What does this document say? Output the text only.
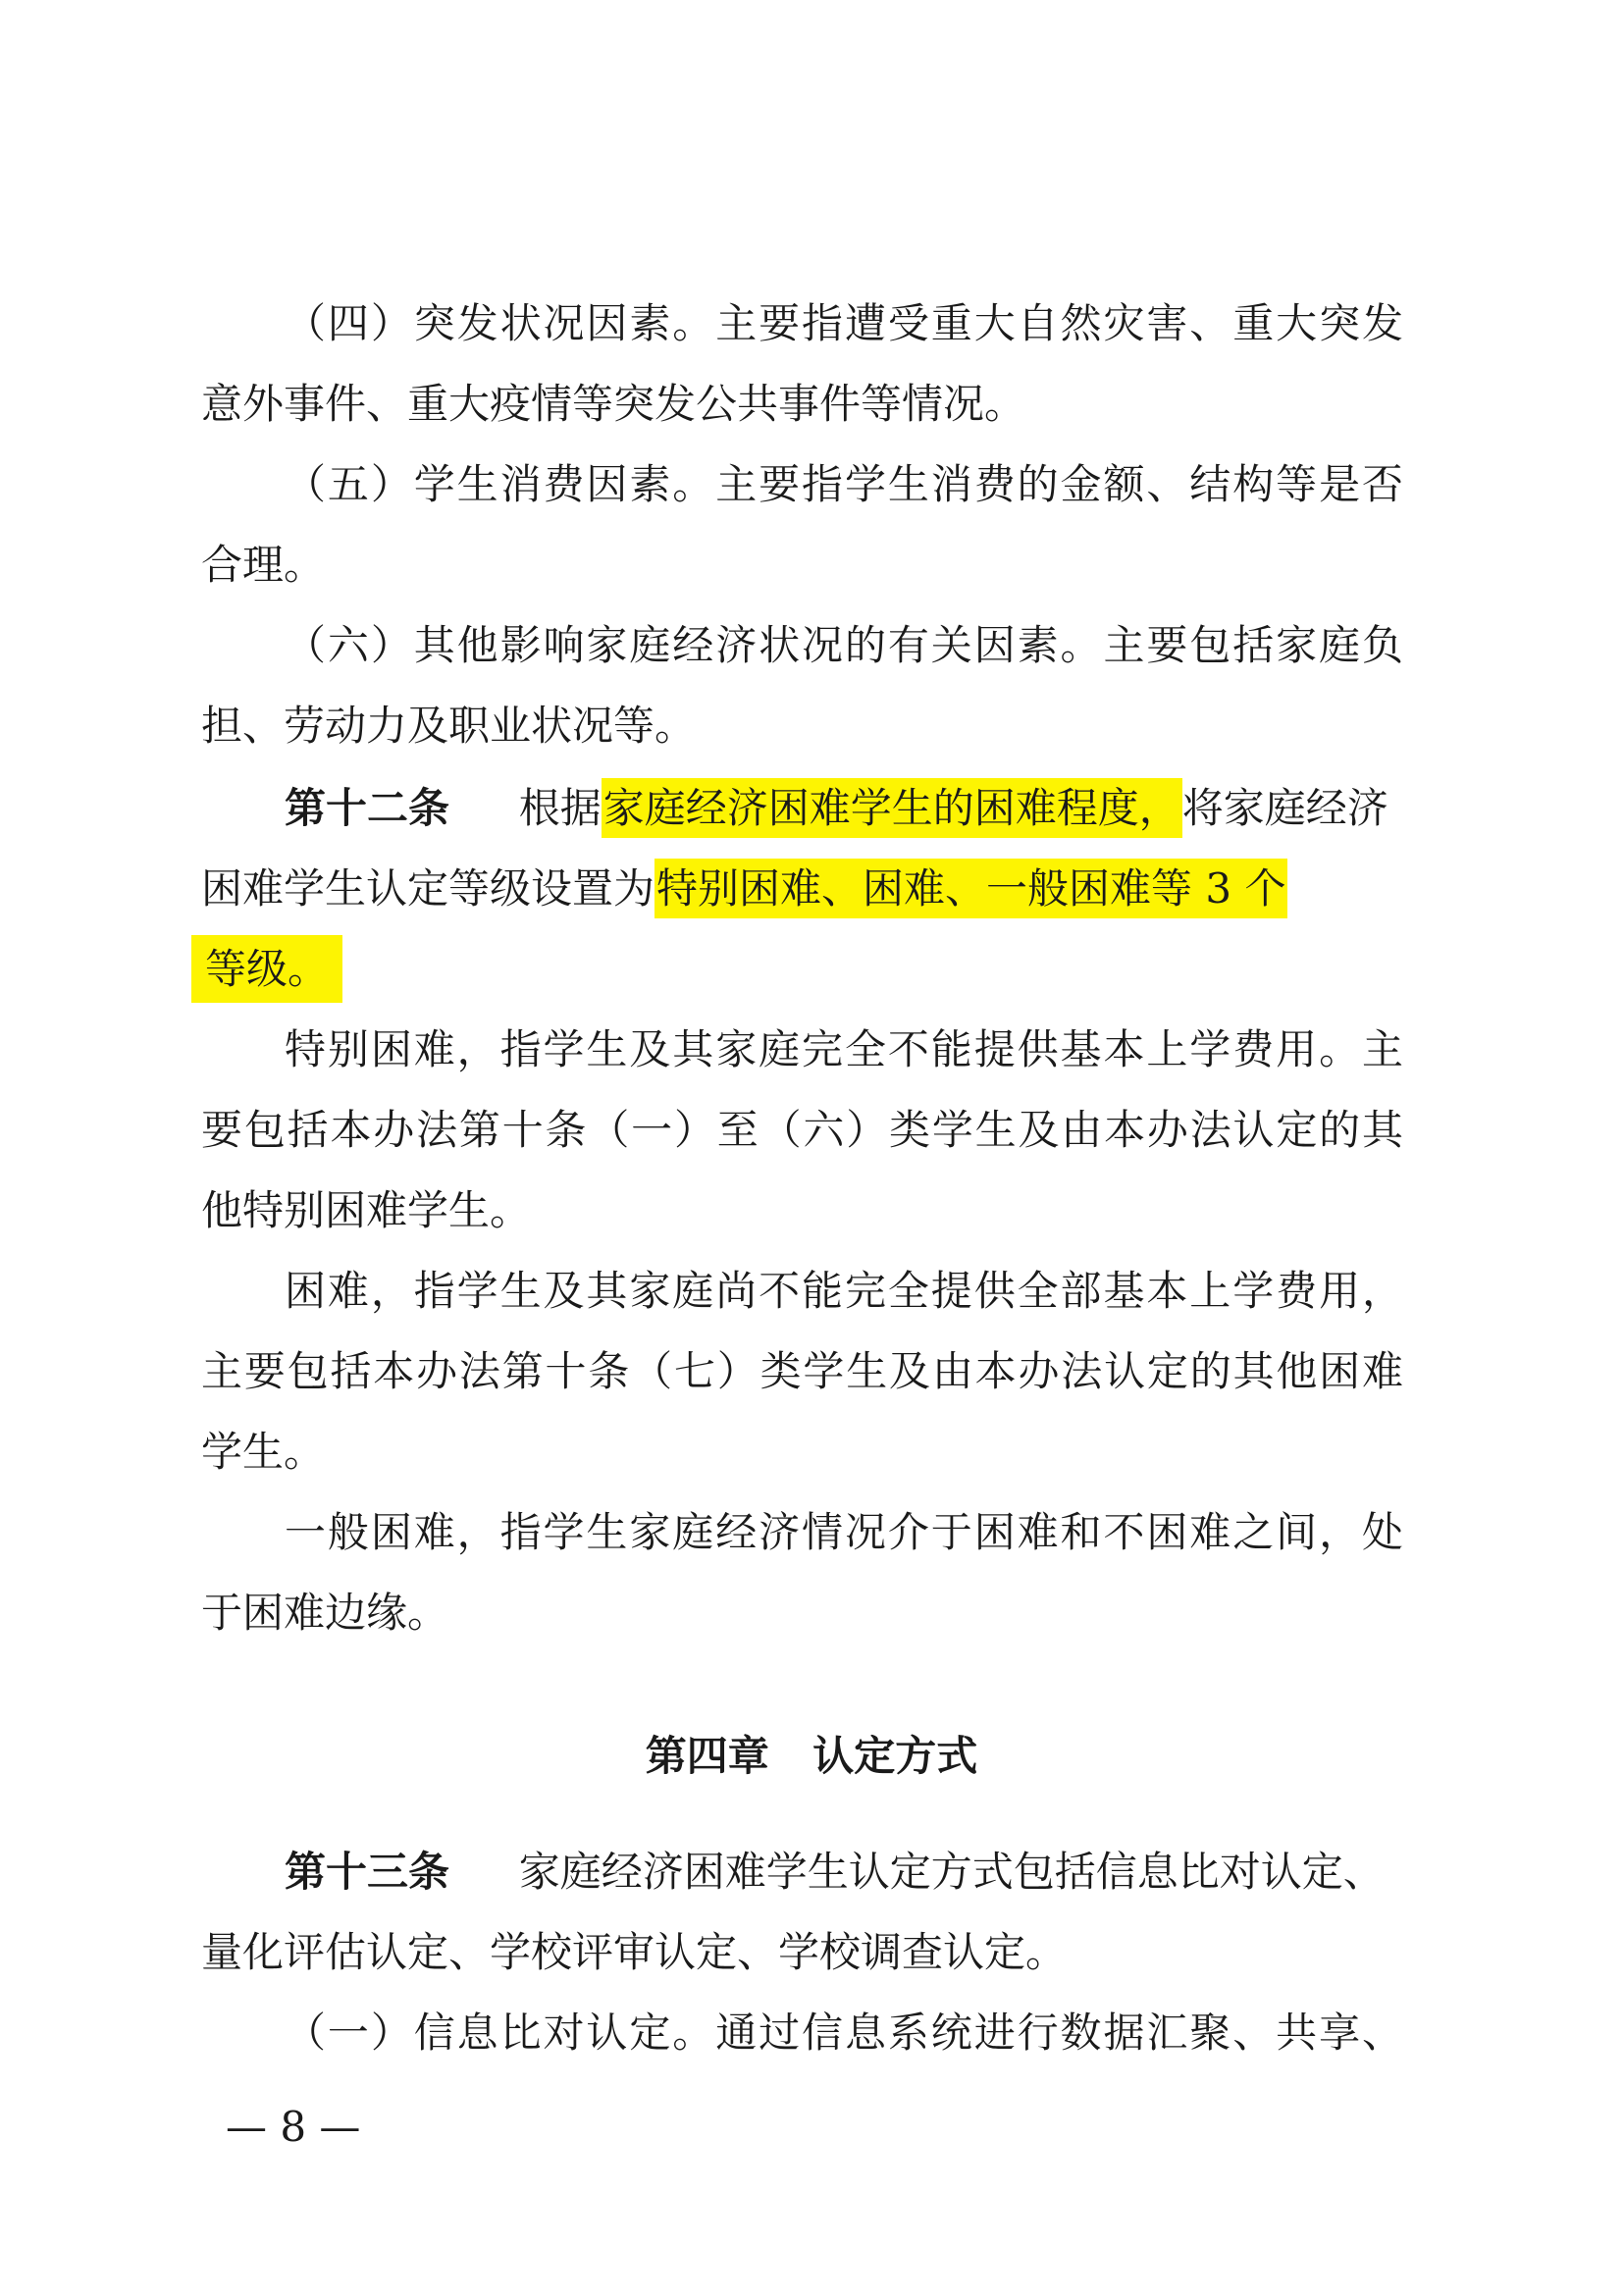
（四）突发状况因素。主要指遭受重大自然灾害、重大突发
意外事件、重大疫情等突发公共事件等情况。
（五）学生消费因素。主要指学生消费的金额、结构等是否
合理。
（六）其他影响家庭经济状况的有关因素。主要包括家庭负
担、劳动力及职业状况等。
第十二条 根据家庭经济困难学生的困难程度，将家庭经济
困难学生认定等级设置为特别困难、困难、一般困难等 3 个
等级。
特别困难，指学生及其家庭完全不能提供基本上学费用。主
要包括本办法第十条（一）至（六）类学生及由本办法认定的其
他特别困难学生。
困难，指学生及其家庭尚不能完全提供全部基本上学费用，
主要包括本办法第十条（七）类学生及由本办法认定的其他困难
学生。
一般困难，指学生家庭经济情况介于困难和不困难之间，处
于困难边缘。
第四章 认定方式
第十三条 家庭经济困难学生认定方式包括信息比对认定、
量化评估认定、学校评审认定、学校调查认定。
（一）信息比对认定。通过信息系统进行数据汇聚、共享、
— 8 —
